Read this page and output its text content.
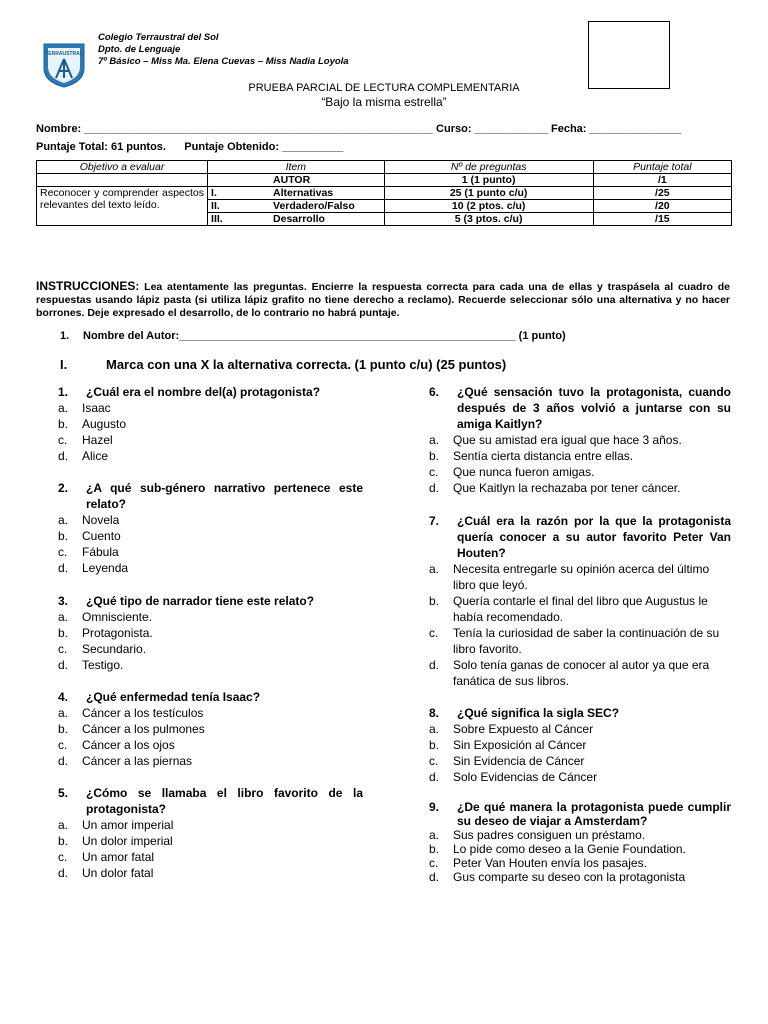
TERRAUSTRAL
Colegio Terraustral del Sol
Dpto. de Lenguaje
7º Básico – Miss Ma. Elena Cuevas – Miss Nadia Loyola
PRUEBA PARCIAL DE LECTURA COMPLEMENTARIA
“Bajo la misma estrella”
Nombre: _________________________________________________________ Curso: ____________ Fecha: _______________
Puntaje Total: 61 puntos.      Puntaje Obtenido: __________
Objetivo a evaluar	Item	Nº de preguntas	Puntaje total

	AUTOR	1 (1 punto)	/1
Reconocer y comprender aspectos relevantes del texto leído.	I. Alternativas	25 (1 punto c/u)	/25

	II. Verdadero/Falso	10 (2 ptos. c/u)	/20

	III. Desarrollo	5 (3 ptos. c/u)	/15
INSTRUCCIONES: Lea atentamente las preguntas. Encierre la respuesta correcta para cada una de ellas y traspásela al cuadro de respuestas usando lápiz pasta (si utiliza lápiz grafito no tiene derecho a reclamo). Recuerde seleccionar sólo una alternativa y no hacer borrones. Deje expresado el desarrollo, de lo contrario no habrá puntaje.
1.	Nombre del Autor:_______________________________________________________ (1 punto)
I.	Marca con una X la alternativa correcta. (1 punto c/u) (25 puntos)
1.	¿Cuál era el nombre del(a) protagonista?
a.	Isaac
b.	Augusto
c.	Hazel
d.	Alice
2.	¿A qué sub-género narrativo pertenece este relato?
a.	Novela
b.	Cuento
c.	Fábula
d.	Leyenda
3.	¿Qué tipo de narrador tiene este relato?
a.	Omnisciente.
b.	Protagonista.
c.	Secundario.
d.	Testigo.
4.	¿Qué enfermedad tenía Isaac?
a.	Cáncer a los testículos
b.	Cáncer a los pulmones
c.	Cáncer a los ojos
d.	Cáncer a las piernas
5.	¿Cómo se llamaba el libro favorito de la protagonista?
a.	Un amor imperial
b.	Un dolor imperial
c.	Un amor fatal
d.	Un dolor fatal
6.	¿Qué sensación tuvo la protagonista, cuando después de 3 años volvió a juntarse con su amiga Kaitlyn?
a.	Que su amistad era igual que hace 3 años.
b.	Sentía cierta distancia entre ellas.
c.	Que nunca fueron amigas.
d.	Que Kaitlyn la rechazaba por tener cáncer.
7.	¿Cuál era la razón por la que la protagonista quería conocer a su autor favorito Peter Van Houten?
a.	Necesita entregarle su opinión acerca del último libro que leyó.
b.	Quería contarle el final del libro que Augustus le había recomendado.
c.	Tenía la curiosidad de saber la continuación de su libro favorito.
d.	Solo tenía ganas de conocer al autor ya que era fanática de sus libros.
8.	¿Qué significa la sigla SEC?
a.	Sobre Expuesto al Cáncer
b.	Sin Exposición al Cáncer
c.	Sin Evidencia de Cáncer
d.	Solo Evidencias de Cáncer
9.	¿De qué manera la protagonista puede cumplir su deseo de viajar a Amsterdam?
a.	Sus padres consiguen un préstamo.
b.	Lo pide como deseo a la Genie Foundation.
c.	Peter Van Houten envía los pasajes.
d.	Gus comparte su deseo con la protagonista
